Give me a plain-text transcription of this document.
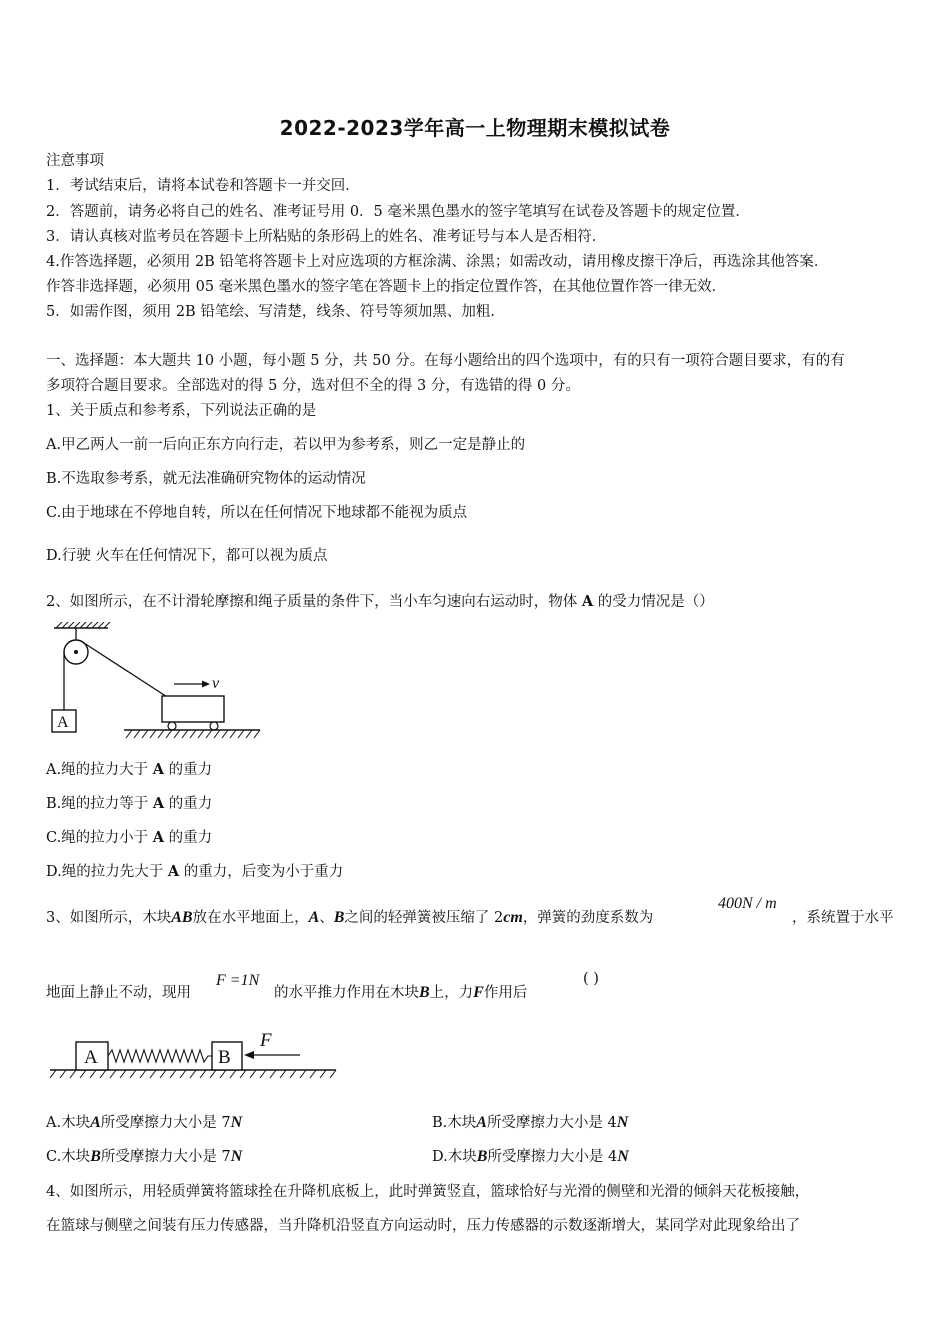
2022-2023学年高一上物理期末模拟试卷
注意事项
1．考试结束后，请将本试卷和答题卡一并交回．
2．答题前，请务必将自己的姓名、准考证号用 0．5 毫米黑色墨水的签字笔填写在试卷及答题卡的规定位置．
3．请认真核对监考员在答题卡上所粘贴的条形码上的姓名、准考证号与本人是否相符．
4.作答选择题，必须用 2B 铅笔将答题卡上对应选项的方框涂满、涂黑；如需改动，请用橡皮擦干净后，再选涂其他答案．
作答非选择题，必须用 05 毫米黑色墨水的签字笔在答题卡上的指定位置作答，在其他位置作答一律无效．
5．如需作图，须用 2B 铅笔绘、写清楚，线条、符号等须加黑、加粗．
一、选择题：本大题共 10 小题，每小题 5 分，共 50 分。在每小题给出的四个选项中，有的只有一项符合题目要求，有的有
多项符合题目要求。全部选对的得 5 分，选对但不全的得 3 分，有选错的得 0 分。
1、关于质点和参考系，下列说法正确的是
A.甲乙两人一前一后向正东方向行走，若以甲为参考系，则乙一定是静止的
B.不选取参考系，就无法准确研究物体的运动情况
C.由于地球在不停地自转，所以在任何情况下地球都不能视为质点
D.行驶 火车在任何情况下，都可以视为质点
2、如图所示，在不计滑轮摩擦和绳子质量的条件下，当小车匀速向右运动时，物体 A 的受力情况是（）
A
v
A.绳的拉力大于 A 的重力
B.绳的拉力等于 A 的重力
C.绳的拉力小于 A 的重力
D.绳的拉力先大于 A 的重力，后变为小于重力
3、如图所示，木块AB放在水平地面上，A、B之间的轻弹簧被压缩了 2cm，弹簧的劲度系数为
400N / m
，系统置于水平
地面上静止不动，现用
F =1N
的水平推力作用在木块B上，力F作用后
( )
A	B
F
A.木块A所受摩擦力大小是 7N	B.木块A所受摩擦力大小是 4N
C.木块B所受摩擦力大小是 7N	D.木块B所受摩擦力大小是 4N
4、如图所示，用轻质弹簧将篮球拴在升降机底板上，此时弹簧竖直，篮球恰好与光滑的侧壁和光滑的倾斜天花板接触，
在篮球与侧壁之间装有压力传感器，当升降机沿竖直方向运动时，压力传感器的示数逐渐增大，某同学对此现象给出了
